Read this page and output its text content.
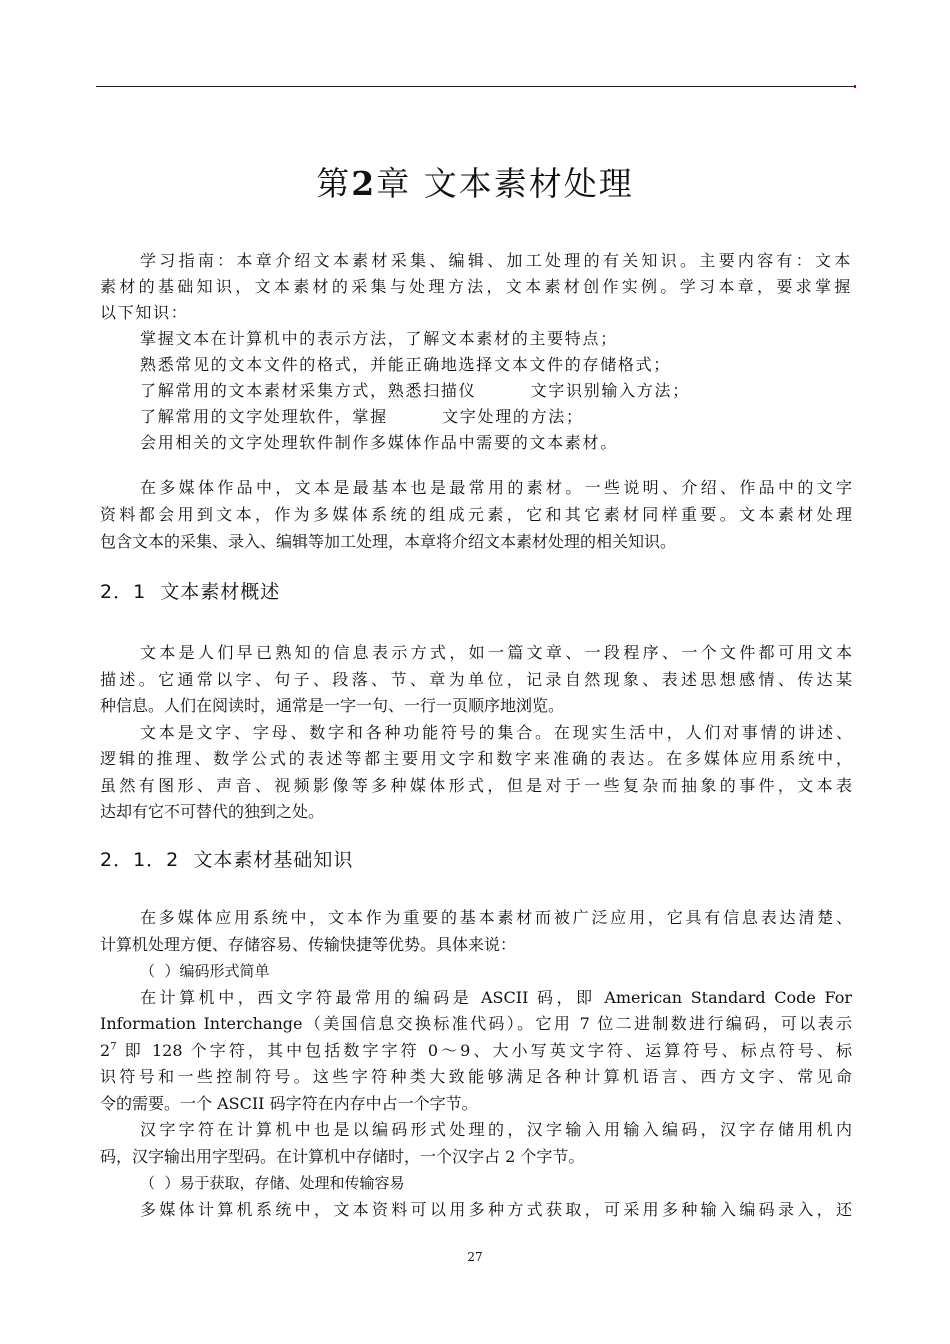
第2章 文本素材处理
学习指南：本章介绍文本素材采集、编辑、加工处理的有关知识。主要内容有：文本
素材的基础知识，文本素材的采集与处理方法，文本素材创作实例。学习本章，要求掌握
以下知识：
掌握文本在计算机中的表示方法，了解文本素材的主要特点；
熟悉常见的文本文件的格式，并能正确地选择文本文件的存储格式；
了解常用的文本素材采集方式，熟悉扫描仪        文字识别输入方法；
了解常用的文字处理软件，掌握        文字处理的方法；
会用相关的文字处理软件制作多媒体作品中需要的文本素材。
在多媒体作品中，文本是最基本也是最常用的素材。一些说明、介绍、作品中的文字
资料都会用到文本，作为多媒体系统的组成元素，它和其它素材同样重要。文本素材处理
包含文本的采集、录入、编辑等加工处理，本章将介绍文本素材处理的相关知识。
2．1  文本素材概述
文本是人们早已熟知的信息表示方式，如一篇文章、一段程序、一个文件都可用文本
描述。它通常以字、句子、段落、节、章为单位，记录自然现象、表述思想感情、传达某
种信息。人们在阅读时，通常是一字一句、一行一页顺序地浏览。
文本是文字、字母、数字和各种功能符号的集合。在现实生活中，人们对事情的讲述、
逻辑的推理、数学公式的表述等都主要用文字和数字来准确的表达。在多媒体应用系统中，
虽然有图形、声音、视频影像等多种媒体形式，但是对于一些复杂而抽象的事件，文本表
达却有它不可替代的独到之处。
2．1．2  文本素材基础知识
在多媒体应用系统中，文本作为重要的基本素材而被广泛应用，它具有信息表达清楚、
计算机处理方便、存储容易、传输快捷等优势。具体来说：
（  ）编码形式简单
在计算机中，西文字符最常用的编码是 ASCII 码，即 American Standard Code For
Information Interchange（美国信息交换标准代码）。它用 7 位二进制数进行编码，可以表示
$2^7$ 即 128 个字符，其中包括数字字符 0～9、大小写英文字符、运算符号、标点符号、标
识符号和一些控制符号。这些字符种类大致能够满足各种计算机语言、西方文字、常见命
令的需要。一个 ASCII 码字符在内存中占一个字节。
汉字字符在计算机中也是以编码形式处理的，汉字输入用输入编码，汉字存储用机内
码，汉字输出用字型码。在计算机中存储时，一个汉字占 2 个字节。
（  ）易于获取，存储、处理和传输容易
多媒体计算机系统中，文本资料可以用多种方式获取，可采用多种输入编码录入，还
27
